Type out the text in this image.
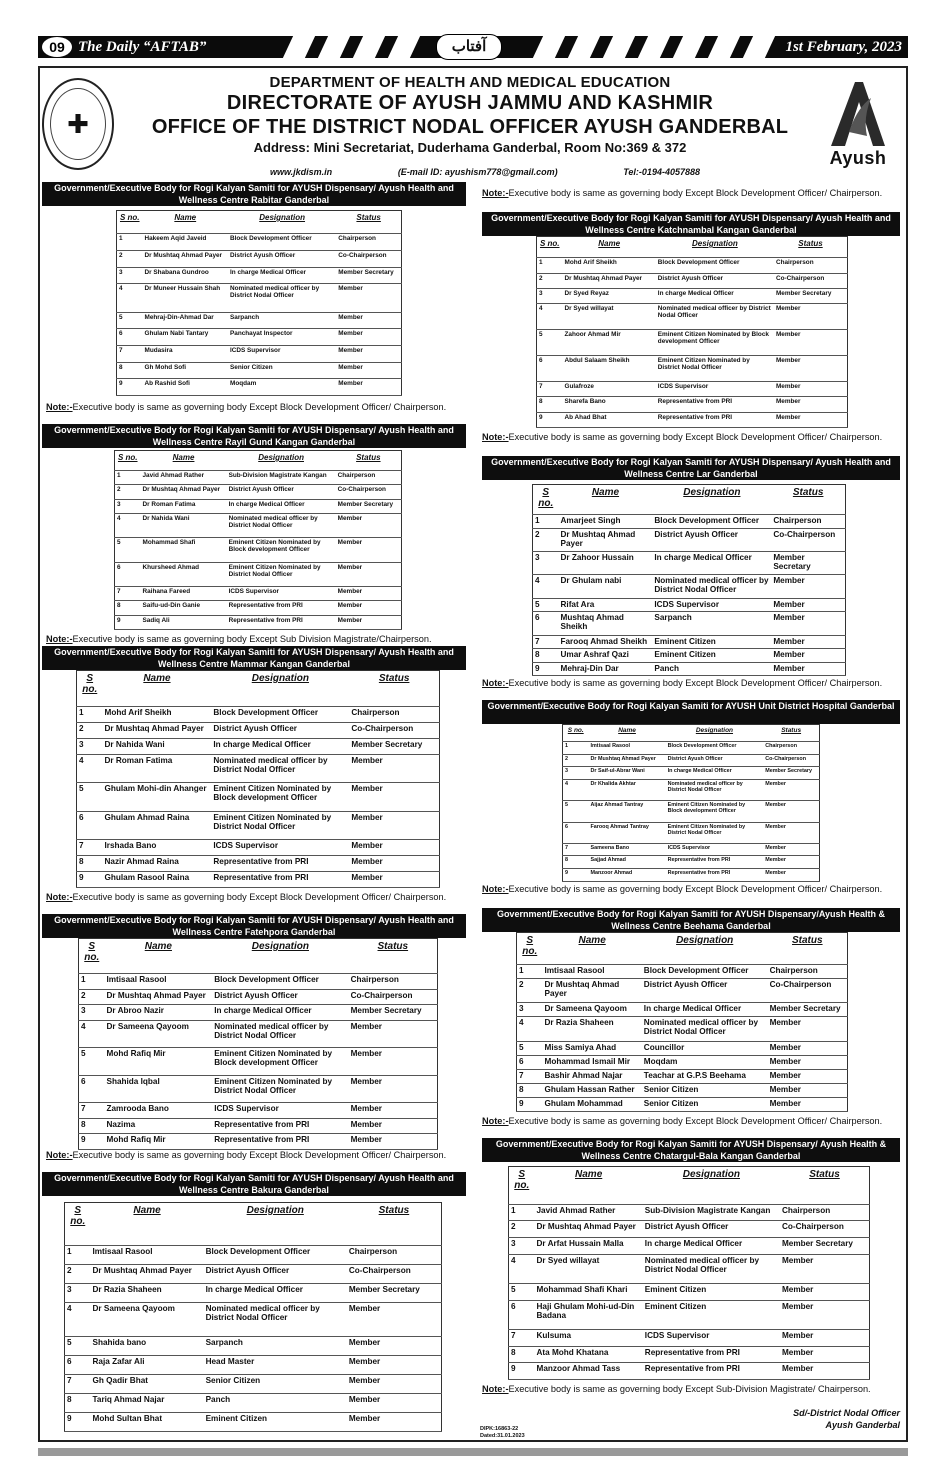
09 The Daily “AFTAB”	آفتاب	1st February, 2023
✚
DEPARTMENT OF HEALTH AND MEDICAL EDUCATION
DIRECTORATE OF AYUSH JAMMU AND KASHMIR
OFFICE OF THE DISTRICT NODAL OFFICER AYUSH GANDERBAL
Address: Mini Secretariat, Duderhama Ganderbal, Room No:369 & 372
www.jkdism.in	(E-mail ID: ayushism778@gmail.com)	Tel:-0194-4057888
Ayush
Government/Executive Body for Rogi Kalyan Samiti for AYUSH Dispensary/ Ayush Health and Wellness Centre Rabitar Ganderbal
S no.	Name	Designation	Status
1	Hakeem Aqid Javeid	Block Development Officer	Chairperson
2	Dr Mushtaq Ahmad Payer	District Ayush Officer	Co-Chairperson
3	Dr Shabana Gundroo	In charge Medical Officer	Member Secretary
4	Dr Muneer Hussain Shah	Nominated medical officer by District Nodal Officer	Member
5	Mehraj-Din-Ahmad Dar	Sarpanch	Member
6	Ghulam Nabi Tantary	Panchayat Inspector	Member
7	Mudasira	ICDS Supervisor	Member
8	Gh Mohd Sofi	Senior Citizen	Member
9	Ab Rashid Sofi	Moqdam	Member
Note:-Executive body is same as governing body Except Block Development Officer/ Chairperson.
Government/Executive Body for Rogi Kalyan Samiti for AYUSH Dispensary/ Ayush Health and Wellness Centre Rayil Gund Kangan Ganderbal
S no.	Name	Designation	Status
1	Javid Ahmad Rather	Sub-Division Magistrate Kangan	Chairperson
2	Dr Mushtaq Ahmad Payer	District Ayush Officer	Co-Chairperson
3	Dr Roman Fatima	In charge Medical Officer	Member Secretary
4	Dr Nahida Wani	Nominated medical officer by District Nodal Officer	Member
5	Mohammad Shafi	Eminent Citizen Nominated by Block development Officer	Member
6	Khursheed Ahmad	Eminent Citizen Nominated by District Nodal Officer	Member
7	Raihana Fareed	ICDS Supervisor	Member
8	Saifu-ud-Din Ganie	Representative from PRI	Member
9	Sadiq Ali	Representative from PRI	Member
Note:-Executive body is same as governing body Except Sub Division Magistrate/Chairperson.
Government/Executive Body for Rogi Kalyan Samiti for AYUSH Dispensary/ Ayush Health and Wellness Centre Mammar Kangan Ganderbal
S no.	Name	Designation	Status
1	Mohd Arif Sheikh	Block Development Officer	Chairperson
2	Dr Mushtaq Ahmad Payer	District Ayush Officer	Co-Chairperson
3	Dr Nahida Wani	In charge Medical Officer	Member Secretary
4	Dr Roman Fatima	Nominated medical officer by District Nodal Officer	Member
5	Ghulam Mohi-din Ahanger	Eminent Citizen Nominated by Block development Officer	Member
6	Ghulam Ahmad Raina	Eminent Citizen Nominated by District Nodal Officer	Member
7	Irshada Bano	ICDS Supervisor	Member
8	Nazir Ahmad Raina	Representative from PRI	Member
9	Ghulam Rasool Raina	Representative from PRI	Member
Note:-Executive body is same as governing body Except Block Development Officer/ Chairperson.
Government/Executive Body for Rogi Kalyan Samiti for AYUSH Dispensary/ Ayush Health and Wellness Centre Fatehpora Ganderbal
S no.	Name	Designation	Status
1	Imtisaal Rasool	Block Development Officer	Chairperson
2	Dr Mushtaq Ahmad Payer	District Ayush Officer	Co-Chairperson
3	Dr Abroo Nazir	In charge Medical Officer	Member Secretary
4	Dr Sameena Qayoom	Nominated medical officer by District Nodal Officer	Member
5	Mohd Rafiq Mir	Eminent Citizen Nominated by Block development Officer	Member
6	Shahida Iqbal	Eminent Citizen Nominated by District Nodal Officer	Member
7	Zamrooda Bano	ICDS Supervisor	Member
8	Nazima	Representative from PRI	Member
9	Mohd Rafiq Mir	Representative from PRI	Member
Note:-Executive body is same as governing body Except Block Development Officer/ Chairperson.
Government/Executive Body for Rogi Kalyan Samiti for AYUSH Dispensary/ Ayush Health and Wellness Centre Bakura Ganderbal
S no.	Name	Designation	Status
1	Imtisaal Rasool	Block Development Officer	Chairperson
2	Dr Mushtaq Ahmad Payer	District Ayush Officer	Co-Chairperson
3	Dr Razia Shaheen	In charge Medical Officer	Member Secretary
4	Dr Sameena Qayoom	Nominated medical officer by District Nodal Officer	Member
5	Shahida bano	Sarpanch	Member
6	Raja Zafar Ali	Head Master	Member
7	Gh Qadir Bhat	Senior Citizen	Member
8	Tariq Ahmad Najar	Panch	Member
9	Mohd Sultan Bhat	Eminent Citizen	Member
Government/Executive Body for Rogi Kalyan Samiti for AYUSH Dispensary/ Ayush Health and Wellness Centre Katchnambal Kangan Ganderbal
S no.	Name	Designation	Status
1	Mohd Arif Sheikh	Block Development Officer	Chairperson
2	Dr Mushtaq Ahmad Payer	District Ayush Officer	Co-Chairperson
3	Dr Syed Reyaz	In charge Medical Officer	Member Secretary
4	Dr Syed willayat	Nominated medical officer by District Nodal Officer	Member
5	Zahoor Ahmad Mir	Eminent Citizen Nominated by Block development Officer	Member
6	Abdul Salaam Sheikh	Eminent Citizen Nominated by District Nodal Officer	Member
7	Gulafroze	ICDS Supervisor	Member
8	Sharefa Bano	Representative from PRI	Member
9	Ab Ahad Bhat	Representative from PRI	Member
Note:-Executive body is same as governing body Except Block Development Officer/ Chairperson.
Note:-Executive body is same as governing body Except Block Development Officer/ Chairperson.
Government/Executive Body for Rogi Kalyan Samiti for AYUSH Dispensary/ Ayush Health and Wellness Centre Lar Ganderbal
S no.	Name	Designation	Status
1	Amarjeet Singh	Block Development Officer	Chairperson
2	Dr Mushtaq Ahmad Payer	District Ayush Officer	Co-Chairperson
3	Dr Zahoor Hussain	In charge Medical Officer	Member Secretary
4	Dr Ghulam nabi	Nominated medical officer by District Nodal Officer	Member
5	Rifat Ara	ICDS Supervisor	Member
6	Mushtaq Ahmad Sheikh	Sarpanch	Member
7	Farooq Ahmad Sheikh	Eminent Citizen	Member
8	Umar Ashraf Qazi	Eminent Citizen	Member
9	Mehraj-Din Dar	Panch	Member
Note:-Executive body is same as governing body Except Block Development Officer/ Chairperson.
Government/Executive Body for Rogi Kalyan Samiti for AYUSH Unit District Hospital Ganderbal
S no.	Name	Designation	Status
1	Imtisaal Rasool	Block Development Officer	Chairperson
2	Dr Mushtaq Ahmad Payer	District Ayush Officer	Co-Chairperson
3	Dr Saif-ul-Abrar Wani	In charge Medical Officer	Member Secretary
4	Dr Khalida Akhtar	Nominated medical officer by District Nodal Officer	Member
5	Aijaz Ahmad Tantray	Eminent Citizen Nominated by Block development Officer	Member
6	Farooq Ahmad Tantray	Eminent Citizen Nominated by District Nodal Officer	Member
7	Sameena Bano	ICDS Supervisor	Member
8	Sajjad Ahmad	Representative from PRI	Member
9	Manzoor Ahmad	Representative from PRI	Member
Note:-Executive body is same as governing body Except Block Development Officer/ Chairperson.
Government/Executive Body for Rogi Kalyan Samiti for AYUSH Dispensary/Ayush Health & Wellness Centre Beehama Ganderbal
S no.	Name	Designation	Status
1	Imtisaal Rasool	Block Development Officer	Chairperson
2	Dr Mushtaq Ahmad Payer	District Ayush Officer	Co-Chairperson
3	Dr Sameena Qayoom	In charge Medical Officer	Member Secretary
4	Dr Razia Shaheen	Nominated medical officer by District Nodal Officer	Member
5	Miss Samiya Ahad	Councillor	Member
6	Mohammad Ismail Mir	Moqdam	Member
7	Bashir Ahmad Najar	Teachar at G.P.S Beehama	Member
8	Ghulam Hassan Rather	Senior Citizen	Member
9	Ghulam Mohammad	Senior Citizen	Member
Note:-Executive body is same as governing body Except Block Development Officer/ Chairperson.
Government/Executive Body for Rogi Kalyan Samiti for AYUSH Dispensary/ Ayush Health & Wellness Centre Chatargul-Bala Kangan Ganderbal
S no.	Name	Designation	Status
1	Javid Ahmad Rather	Sub-Division Magistrate Kangan	Chairperson
2	Dr Mushtaq Ahmad Payer	District Ayush Officer	Co-Chairperson
3	Dr Arfat Hussain Malla	In charge Medical Officer	Member Secretary
4	Dr Syed willayat	Nominated medical officer by District Nodal Officer	Member
5	Mohammad Shafi Khari	Eminent Citizen	Member
6	Haji Ghulam Mohi-ud-Din Badana	Eminent Citizen	Member
7	Kulsuma	ICDS Supervisor	Member
8	Ata Mohd Khatana	Representative from PRI	Member
9	Manzoor Ahmad Tass	Representative from PRI	Member
Note:-Executive body is same as governing body Except Sub-Division Magistrate/ Chairperson.
Sd/-District Nodal Officer
Ayush Ganderbal
DIPK:16863-22
Dated:31.01.2023
